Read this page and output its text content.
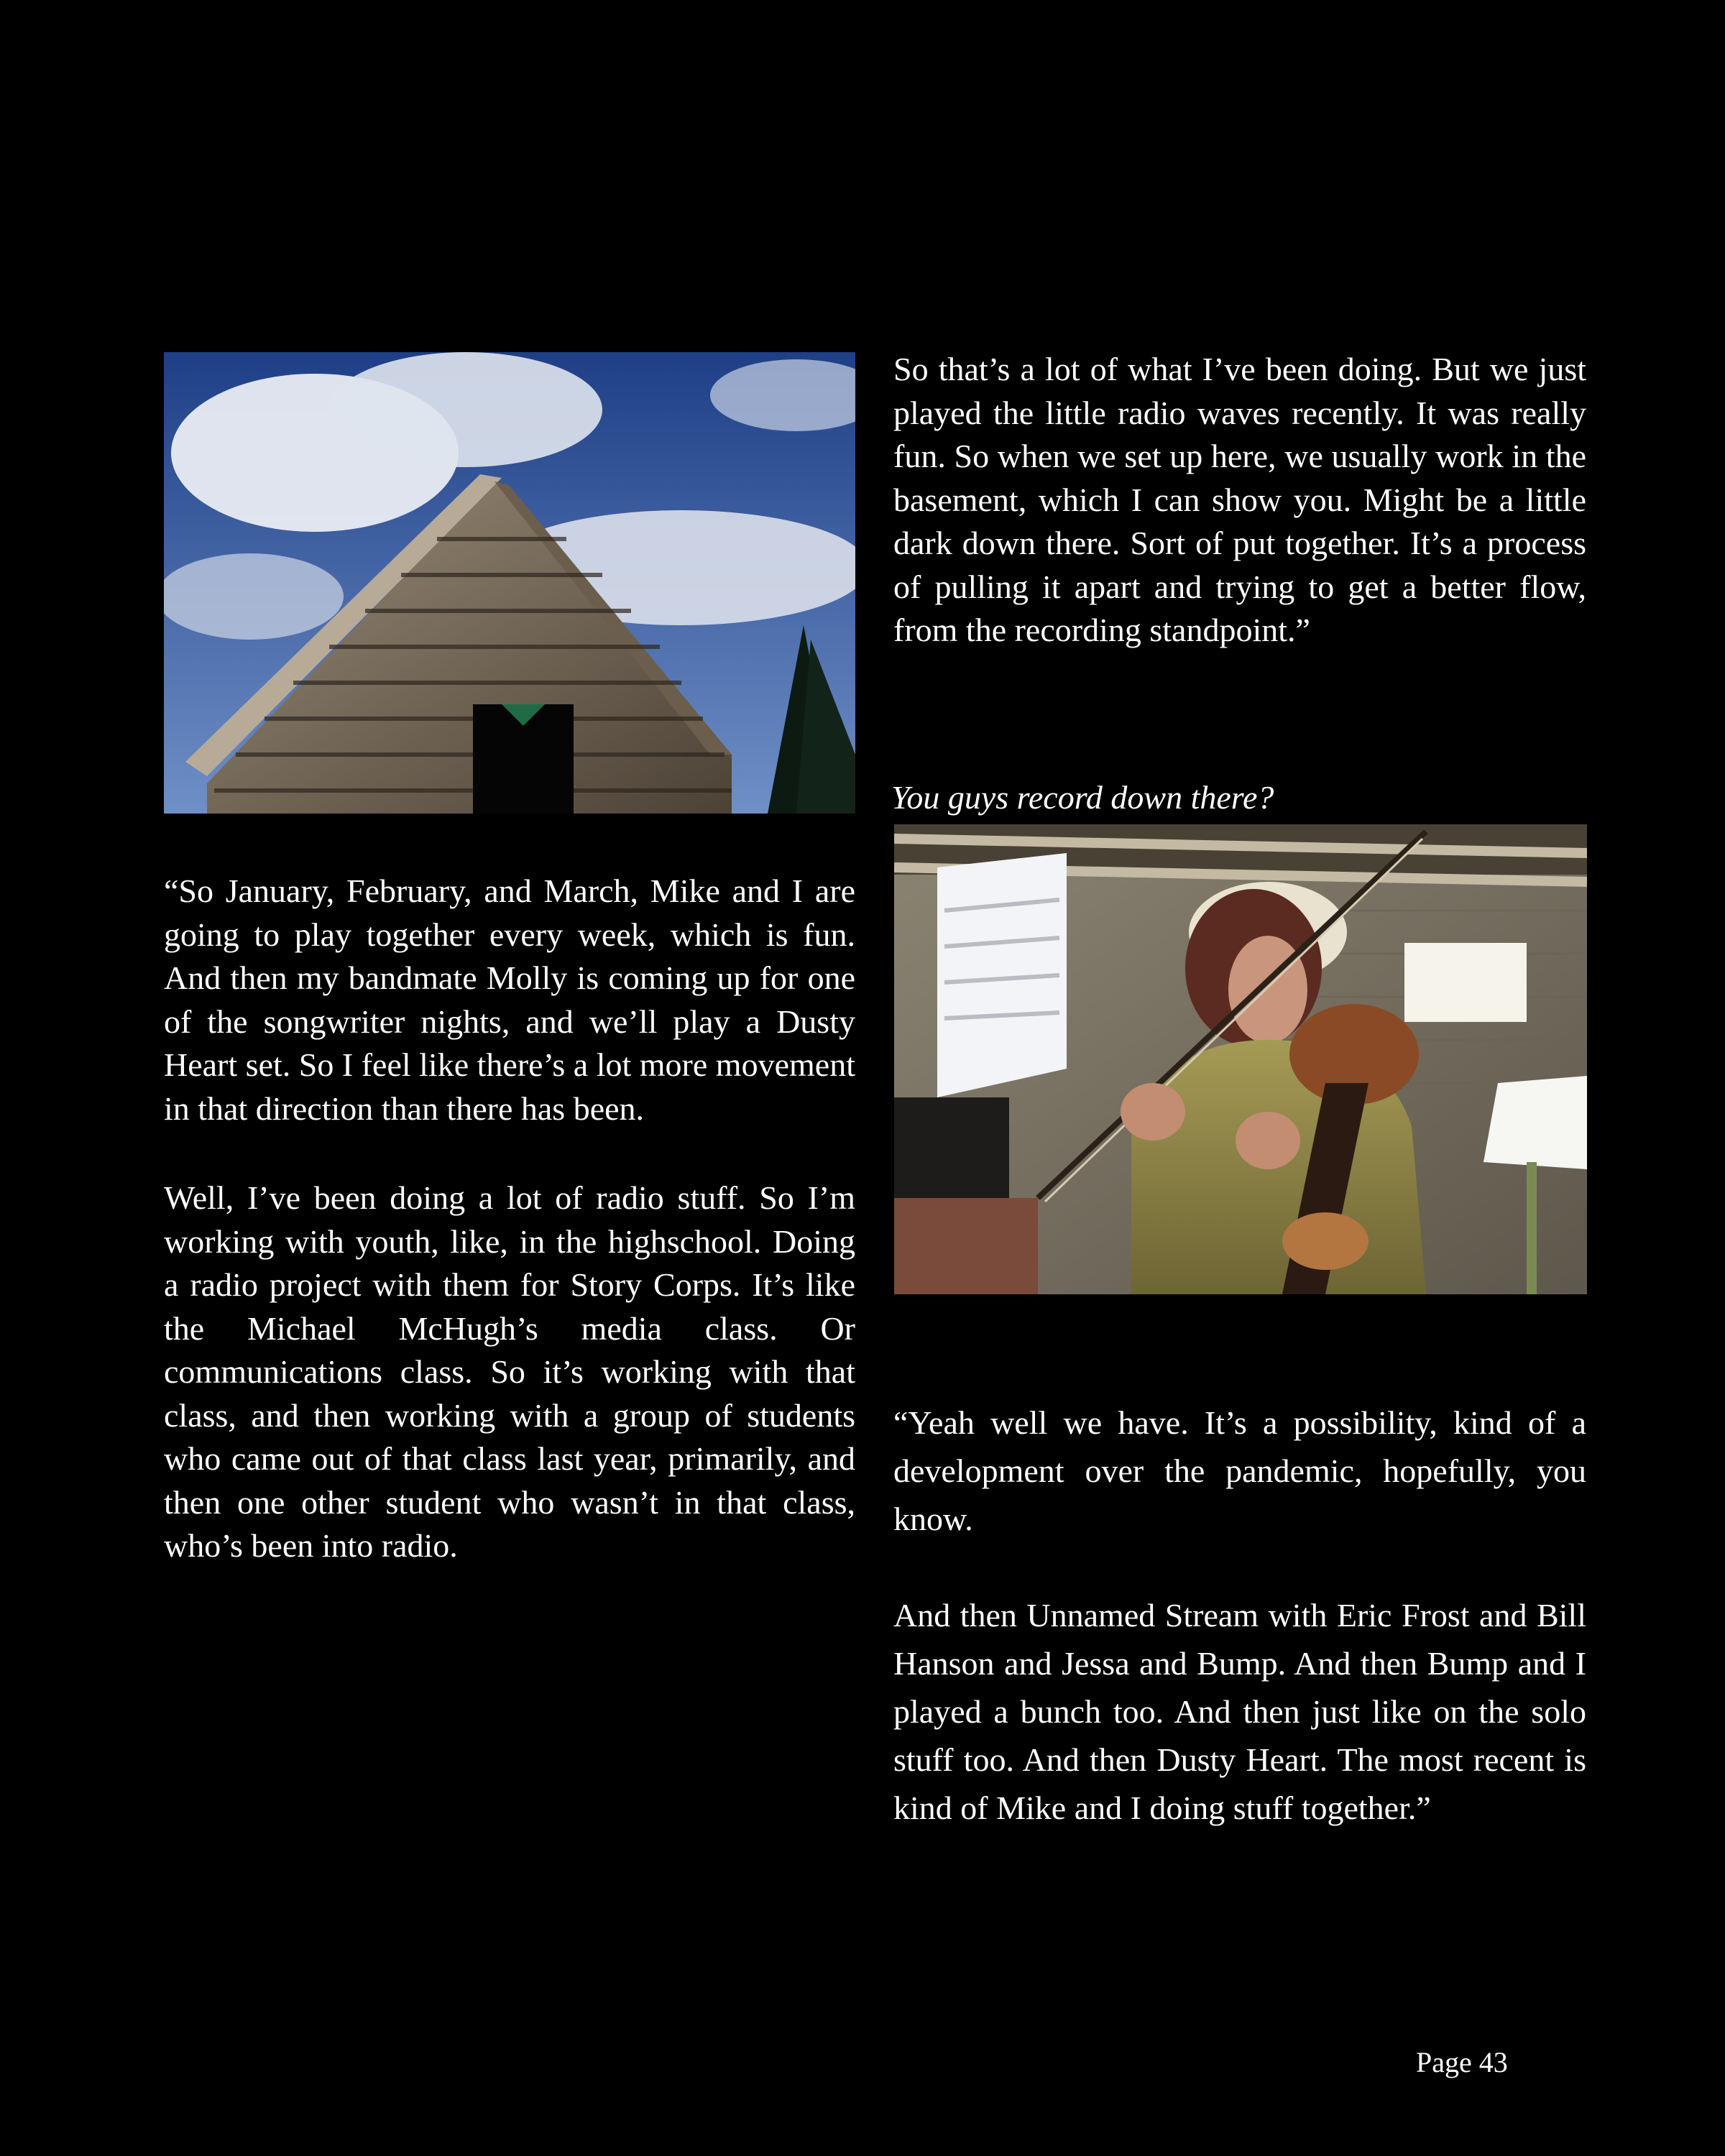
“So January, February, and March, Mike and I are going to play together every week, which is fun. And then my bandmate Molly is coming up for one of the songwriter nights, and we’ll play a Dusty Heart set. So I feel like there’s a lot more movement in that direction than there has been.

Well, I’ve been doing a lot of radio stuff. So I’m working with youth, like, in the highschool. Doing a radio project with them for Story Corps. It’s like the Michael McHugh’s media class. Or communications class. So it’s working with that class, and then working with a group of students who came out of that class last year, primarily, and then one other student who wasn’t in that class, who’s been into radio.

So that’s a lot of what I’ve been doing. But we just played the little radio waves recently. It was really fun. So when we set up here, we usually work in the basement, which I can show you. Might be a little dark down there. Sort of put together. It’s a process of pulling it apart and trying to get a better flow, from the recording standpoint.”

You guys record down there?

“Yeah well we have. It’s a possibility, kind of a development over the pandemic, hopefully, you know.

And then Unnamed Stream with Eric Frost and Bill Hanson and Jessa and Bump. And then Bump and I played a bunch too. And then just like on the solo stuff too. And then Dusty Heart. The most recent is kind of Mike and I doing stuff together.”

Page 43
